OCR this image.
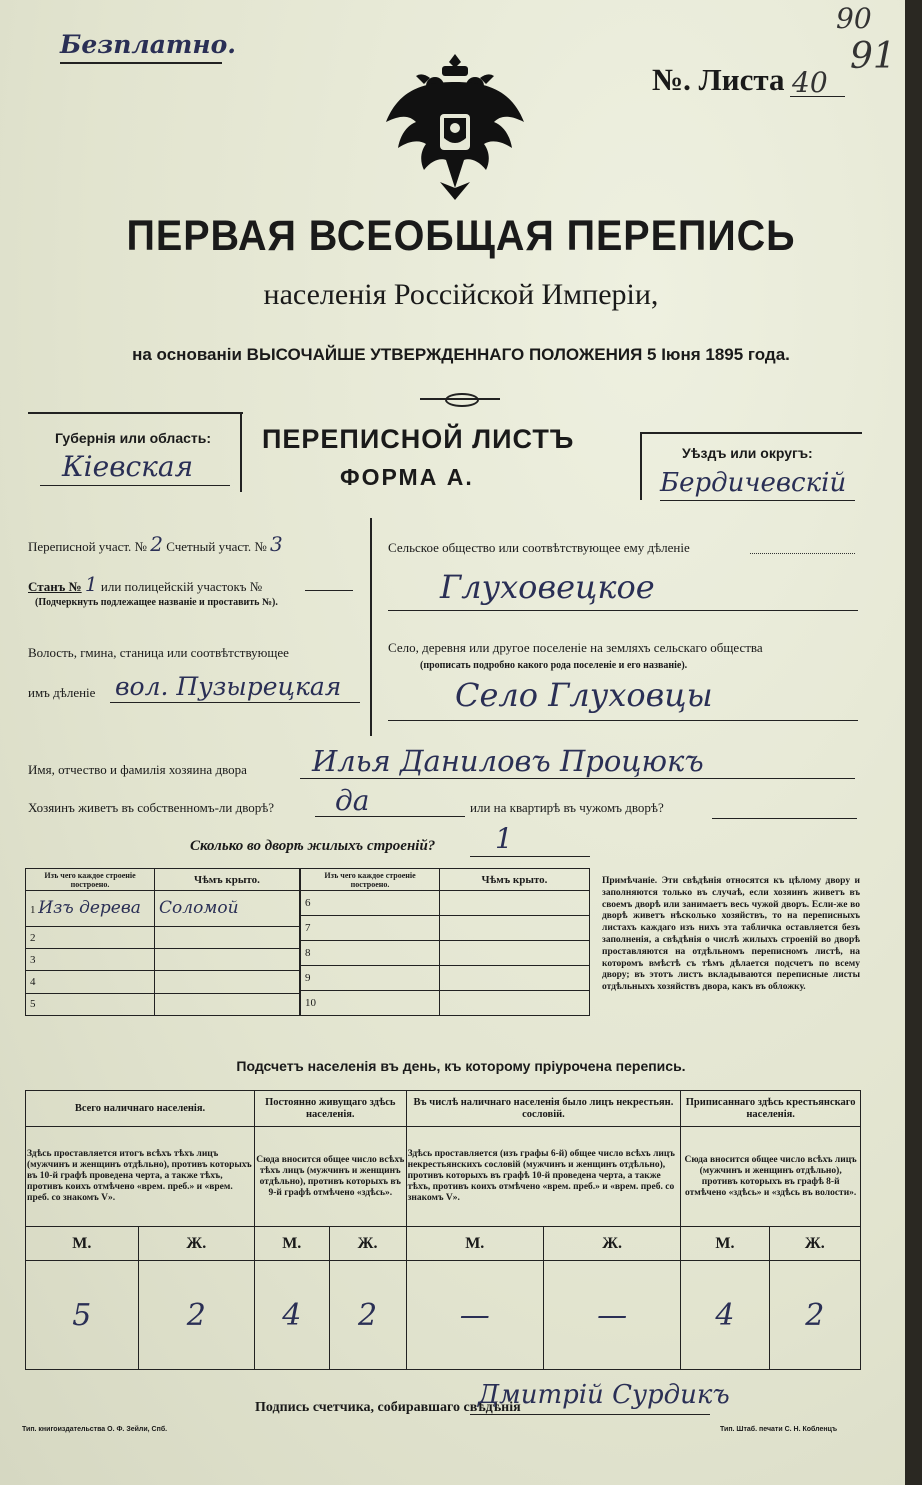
Безплатно.
№. Листа 40
90
91
ПЕРВАЯ ВСЕОБЩАЯ ПЕРЕПИСЬ
населенія Россійской Имперіи,
на основаніи ВЫСОЧАЙШЕ УТВЕРЖДЕННАГО ПОЛОЖЕНИЯ 5 Іюня 1895 года.
Губернія или область:
Кіевская
ПЕРЕПИСНОЙ ЛИСТЪ
ФОРМА А.
Уѣздъ или округъ:
Бердичевскій
Переписной участ. № 2 Счетный участ. № 3
Станъ № 1 или полицейскій участокъ №
(Подчеркнуть подлежащее названіе и проставить №).
Волость, гмина, станица или соотвѣтствующее
имъ дѣленіе вол. Пузырецкая
Сельское общество или соотвѣтствующее ему дѣленіе
Глуховецкое
Село, деревня или другое поселеніе на земляхъ сельскаго общества
(прописать подробно какого рода поселеніе и его названіе).
Село Глуховцы
Имя, отчество и фамилія хозяина двора Илья Даниловъ Процюкъ
Хозяинъ живетъ въ собственномъ-ли дворѣ? да	или на квартирѣ въ чужомъ дворѣ?
Сколько во дворѣ жилыхъ строеній? 1
Изъ чего каждое строеніе построено.	Чѣмъ крыто.
1 Изъ дерева	Соломой
2	
3	
4	
5	
Изъ чего каждое строеніе построено.	Чѣмъ крыто.
6	
7	
8	
9	
10	
Примѣчаніе. Эти свѣдѣнія относятся къ цѣлому двору и заполняются только въ случаѣ, если хозяинъ живетъ въ своемъ дворѣ или занимаетъ весь чужой дворъ. Если-же во дворѣ живетъ нѣсколько хозяйствъ, то на переписныхъ листахъ каждаго изъ нихъ эта табличка оставляется безъ заполненія, а свѣдѣнія о числѣ жилыхъ строеній во дворѣ проставляются на отдѣльномъ переписномъ листѣ, на которомъ вмѣстѣ съ тѣмъ дѣлается подсчетъ по всему двору; въ этотъ листъ вкладываются переписные листы отдѣльныхъ хозяйствъ двора, какъ въ обложку.
Подсчетъ населенія въ день, къ которому пріурочена перепись.
Всего наличнаго населенія.		Постоянно живущаго здѣсь населенія.		Въ числѣ наличнаго населенія было лицъ некрестьян. сословій.		Приписаннаго здѣсь крестьянскаго населенія.	
Здѣсь проставляется итогъ всѣхъ тѣхъ лицъ (мужчинъ и женщинъ отдѣльно), противъ которыхъ въ 10-й графѣ проведена черта, а также тѣхъ, противъ коихъ отмѣчено «врем. преб.» и «врем. преб. со знакомъ V».		Сюда вносится общее число всѣхъ тѣхъ лицъ (мужчинъ и женщинъ отдѣльно), противъ которыхъ въ 9-й графѣ отмѣчено «здѣсь».		Здѣсь проставляется (изъ графы 6-й) общее число всѣхъ лицъ некрестьянскихъ сословій (мужчинъ и женщинъ отдѣльно), противъ которыхъ въ графѣ 10-й проведена черта, а также тѣхъ, противъ коихъ отмѣчено «врем. преб.» и «врем. преб. со знакомъ V».		Сюда вносится общее число всѣхъ лицъ (мужчинъ и женщинъ отдѣльно), противъ которыхъ въ графѣ 8-й отмѣчено «здѣсь» и «здѣсь въ волости».	
М.	Ж.	М.	Ж.	М.	Ж.	М.	Ж.
5	2	4	2	—	—	4	2
Подпись счетчика, собиравшаго свѣдѣнія
Дмитрій Сурдикъ
Тип. книгоиздательства О. Ф. Зейли, Спб.	Тип. Штаб. печати С. Н. Кобленцъ
